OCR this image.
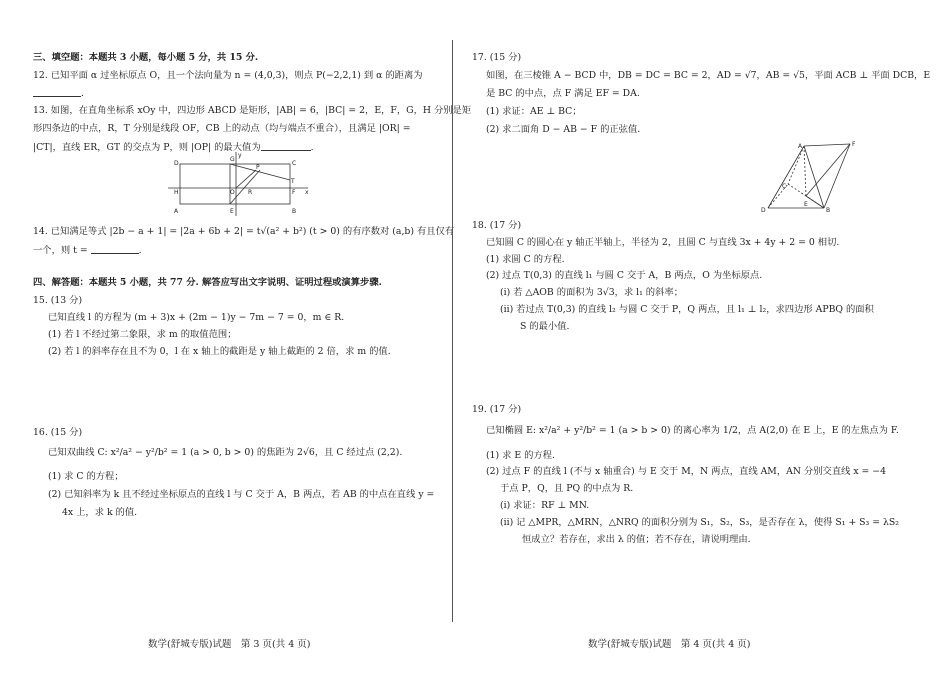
三、填空题：本题共 3 小题，每小题 5 分，共 15 分.
12. 已知平面 α 过坐标原点 O，且一个法向量为 n = (4,0,3)，则点 P(−2,2,1) 到 α 的距离为
.
13. 如图，在直角坐标系 xOy 中，四边形 ABCD 是矩形，|AB| = 6，|BC| = 2，E，F，G，H 分别是矩
形四条边的中点，R，T 分别是线段 OF，CB 上的动点（均与端点不重合），且满足 |OR| =
|CT|，直线 ER，GT 的交点为 P，则 |OP| 的最大值为	.
D	C
G
y
P
T
H	O R	F x
A	E	B
14. 已知满足等式 |2b − a + 1| = |2a + 6b + 2| = t√(a² + b²) (t > 0) 的有序数对 (a,b) 有且仅有
一个，则 t =	.
四、解答题：本题共 5 小题，共 77 分. 解答应写出文字说明、证明过程或演算步骤.
15. (13 分)
已知直线 l 的方程为 (m + 3)x + (2m − 1)y − 7m − 7 = 0，m ∈ R.
(1) 若 l 不经过第二象限，求 m 的取值范围；
(2) 若 l 的斜率存在且不为 0，l 在 x 轴上的截距是 y 轴上截距的 2 倍，求 m 的值.
16. (15 分)
已知双曲线 C: x²/a² − y²/b² = 1 (a > 0, b > 0) 的焦距为 2√6，且 C 经过点 (2,2).
(1) 求 C 的方程；
(2) 已知斜率为 k 且不经过坐标原点的直线 l 与 C 交于 A，B 两点，若 AB 的中点在直线 y =
4x 上，求 k 的值.
数学(舒城专版)试题　第 3 页(共 4 页)
17. (15 分)
如图，在三棱锥 A − BCD 中，DB = DC = BC = 2，AD = √7，AB = √5，平面 ACB ⊥ 平面 DCB，E
是 BC 的中点，点 F 满足 EF = DA.
(1) 求证：AE ⊥ BC；
(2) 求二面角 D − AB − F 的正弦值.
A	F
C
E
D	B
18. (17 分)
已知圆 C 的圆心在 y 轴正半轴上，半径为 2，且圆 C 与直线 3x + 4y + 2 = 0 相切.
(1) 求圆 C 的方程.
(2) 过点 T(0,3) 的直线 l₁ 与圆 C 交于 A，B 两点，O 为坐标原点.
(ⅰ) 若 △AOB 的面积为 3√3，求 l₁ 的斜率；
(ⅱ) 若过点 T(0,3) 的直线 l₂ 与圆 C 交于 P，Q 两点，且 l₁ ⊥ l₂，求四边形 APBQ 的面积
S 的最小值.
19. (17 分)
已知椭圆 E: x²/a² + y²/b² = 1 (a > b > 0) 的离心率为 1/2，点 A(2,0) 在 E 上，E 的左焦点为 F.
(1) 求 E 的方程.
(2) 过点 F 的直线 l (不与 x 轴重合) 与 E 交于 M，N 两点，直线 AM，AN 分别交直线 x = −4
于点 P，Q，且 PQ 的中点为 R.
(ⅰ) 求证：RF ⊥ MN.
(ⅱ) 记 △MPR，△MRN，△NRQ 的面积分别为 S₁，S₂，S₃，是否存在 λ，使得 S₁ + S₃ = λS₂
恒成立？若存在，求出 λ 的值；若不存在，请说明理由.
数学(舒城专版)试题　第 4 页(共 4 页)
